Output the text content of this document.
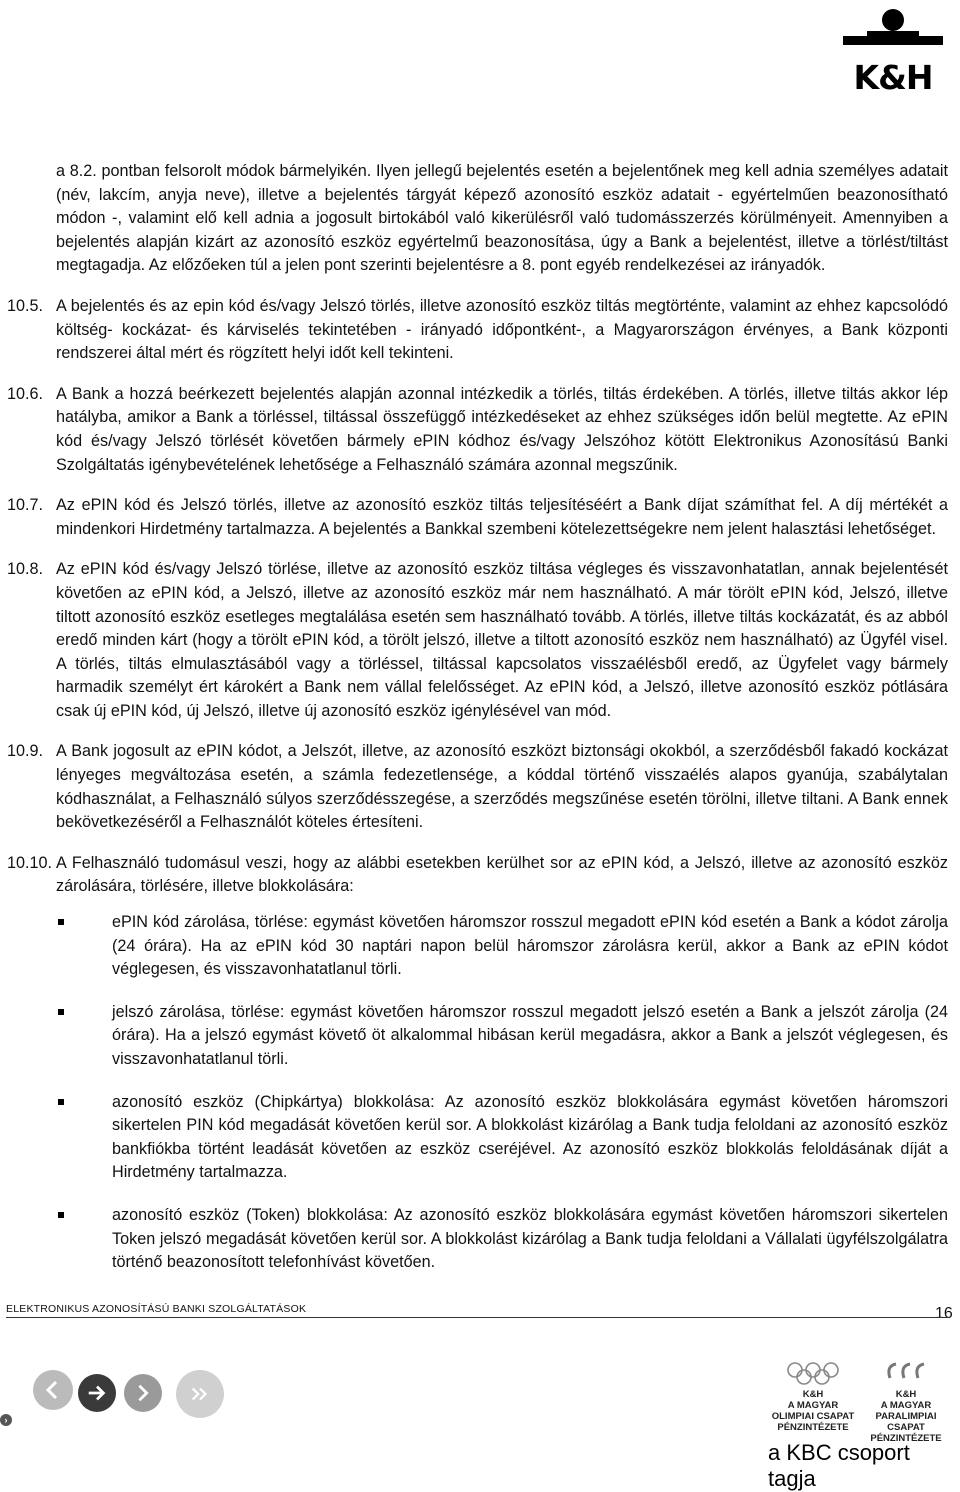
K&H

a 8.2. pontban felsorolt módok bármelyikén. Ilyen jellegű bejelentés esetén a bejelentőnek meg kell adnia személyes adatait (név, lakcím, anyja neve), illetve a bejelentés tárgyát képező azonosító eszköz adatait - egyértelműen beazonosítható módon -, valamint elő kell adnia a jogosult birtokából való kikerülésről való tudomásszerzés körülményeit. Amennyiben a bejelentés alapján kizárt az azonosító eszköz egyértelmű beazonosítása, úgy a Bank a bejelentést, illetve a törlést/tiltást megtagadja. Az előzőeken túl a jelen pont szerinti bejelentésre a 8. pont egyéb rendelkezései az irányadók.

10.5. A bejelentés és az epin kód és/vagy Jelszó törlés, illetve azonosító eszköz tiltás megtörténte, valamint az ehhez kapcsolódó költség- kockázat- és kárviselés tekintetében - irányadó időpontként-, a Magyarországon érvényes, a Bank központi rendszerei által mért és rögzített helyi időt kell tekinteni.

10.6. A Bank a hozzá beérkezett bejelentés alapján azonnal intézkedik a törlés, tiltás érdekében. A törlés, illetve tiltás akkor lép hatályba, amikor a Bank a törléssel, tiltással összefüggő intézkedéseket az ehhez szükséges időn belül megtette. Az ePIN kód és/vagy Jelszó törlését követően bármely ePIN kódhoz és/vagy Jelszóhoz kötött Elektronikus Azonosítású Banki Szolgáltatás igénybevételének lehetősége a Felhasználó számára azonnal megszűnik.

10.7. Az ePIN kód és Jelszó törlés, illetve az azonosító eszköz tiltás teljesítéséért a Bank díjat számíthat fel. A díj mértékét a mindenkori Hirdetmény tartalmazza. A bejelentés a Bankkal szembeni kötelezettségekre nem jelent halasztási lehetőséget.

10.8. Az ePIN kód és/vagy Jelszó törlése, illetve az azonosító eszköz tiltása végleges és visszavonhatatlan, annak bejelentését követően az ePIN kód, a Jelszó, illetve az azonosító eszköz már nem használható. A már törölt ePIN kód, Jelszó, illetve tiltott azonosító eszköz esetleges megtalálása esetén sem használható tovább. A törlés, illetve tiltás kockázatát, és az abból eredő minden kárt (hogy a törölt ePIN kód, a törölt jelszó, illetve a tiltott azonosító eszköz nem használható) az Ügyfél visel. A törlés, tiltás elmulasztásából vagy a törléssel, tiltással kapcsolatos visszaélésből eredő, az Ügyfelet vagy bármely harmadik személyt ért károkért a Bank nem vállal felelősséget. Az ePIN kód, a Jelszó, illetve azonosító eszköz pótlására csak új ePIN kód, új Jelszó, illetve új azonosító eszköz igénylésével van mód.

10.9. A Bank jogosult az ePIN kódot, a Jelszót, illetve, az azonosító eszközt biztonsági okokból, a szerződésből fakadó kockázat lényeges megváltozása esetén, a számla fedezetlensége, a kóddal történő visszaélés alapos gyanúja, szabálytalan kódhasználat, a Felhasználó súlyos szerződésszegése, a szerződés megszűnése esetén törölni, illetve tiltani. A Bank ennek bekövetkezéséről a Felhasználót köteles értesíteni.

10.10. A Felhasználó tudomásul veszi, hogy az alábbi esetekben kerülhet sor az ePIN kód, a Jelszó, illetve az azonosító eszköz zárolására, törlésére, illetve blokkolására:

ePIN kód zárolása, törlése: egymást követően háromszor rosszul megadott ePIN kód esetén a Bank a kódot zárolja (24 órára). Ha az ePIN kód 30 naptári napon belül háromszor zárolásra kerül, akkor a Bank az ePIN kódot véglegesen, és visszavonhatatlanul törli.
jelszó zárolása, törlése: egymást követően háromszor rosszul megadott jelszó esetén a Bank a jelszót zárolja (24 órára). Ha a jelszó egymást követő öt alkalommal hibásan kerül megadásra, akkor a Bank a jelszót véglegesen, és visszavonhatatlanul törli.
azonosító eszköz (Chipkártya) blokkolása: Az azonosító eszköz blokkolására egymást követően háromszori sikertelen PIN kód megadását követően kerül sor. A blokkolást kizárólag a Bank tudja feloldani az azonosító eszköz bankfiókba történt leadását követően az eszköz cseréjével. Az azonosító eszköz blokkolás feloldásának díját a Hirdetmény tartalmazza.
azonosító eszköz (Token) blokkolása: Az azonosító eszköz blokkolására egymást követően háromszori sikertelen Token jelszó megadását követően kerül sor. A blokkolást kizárólag a Bank tudja feloldani a Vállalati ügyfélszolgálatra történő beazonosított telefonhívást követően.
ELEKTRONIKUS AZONOSÍTÁSÚ BANKI SZOLGÁLTATÁSOK	16
›
K&H
A MAGYAR
OLIMPIAI CSAPAT
PÉNZINTÉZETE
K&H
A MAGYAR
PARALIMPIAI CSAPAT
PÉNZINTÉZETE
a KBC csoport tagja
